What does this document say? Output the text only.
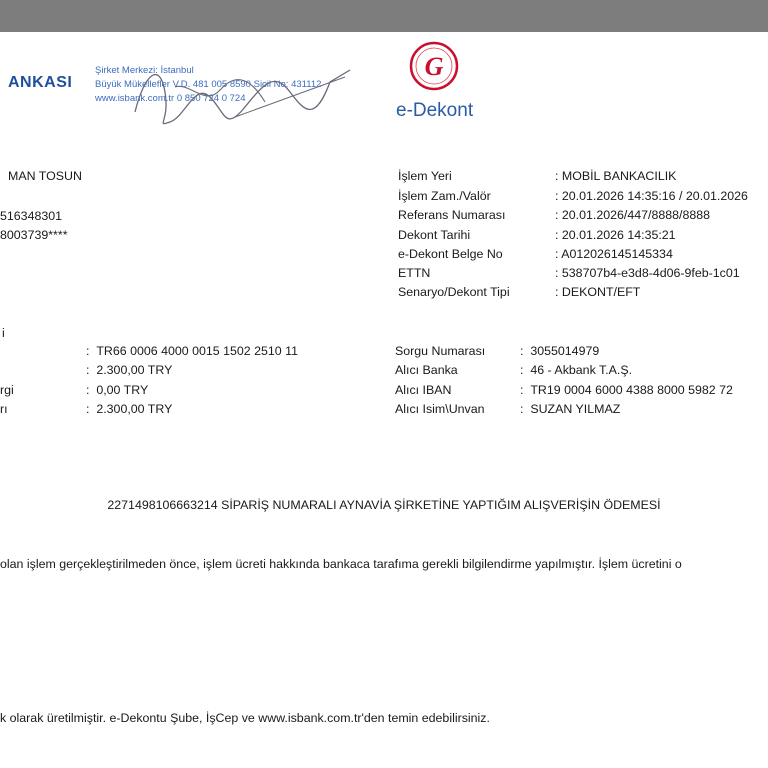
ANKASI
Şirket Merkezi: İstanbul
Büyük Mükellefler V.D. 481 005 8590 Sicil No: 431112
www.isbank.com.tr 0 850 724 0 724
G
e-Dekont
MAN TOSUN
516348301
8003739****
İşlem Yeri	: MOBİL BANKACILIK
İşlem Zam./Valör	: 20.01.2026 14:35:16 / 20.01.2026
Referans Numarası	: 20.01.2026/447/8888/8888
Dekont Tarihi	: 20.01.2026 14:35:21
e-Dekont Belge No	: A012026145145334
ETTN	: 538707b4-e3d8-4d06-9feb-1c01
Senaryo/Dekont Tipi	: DEKONT/EFT
i
:  TR66 0006 4000 0015 1502 2510 11
:  2.300,00 TRY
rgi	:  0,00 TRY
rı	:  2.300,00 TRY
Sorgu Numarası	:  3055014979
Alıcı Banka	:  46 - Akbank T.A.Ş.
Alıcı IBAN	:  TR19 0004 6000 4388 8000 5982 72
Alıcı Isim\Unvan	:  SUZAN YILMAZ
2271498106663214 SİPARİŞ NUMARALI AYNAVİA ŞİRKETİNE YAPTIĞIM ALIŞVERİŞİN ÖDEMESİ
olan işlem gerçekleştirilmeden önce, işlem ücreti hakkında bankaca tarafıma gerekli bilgilendirme yapılmıştır. İşlem ücretini o
k olarak üretilmiştir. e-Dekontu Şube, İşCep ve www.isbank.com.tr'den temin edebilirsiniz.
